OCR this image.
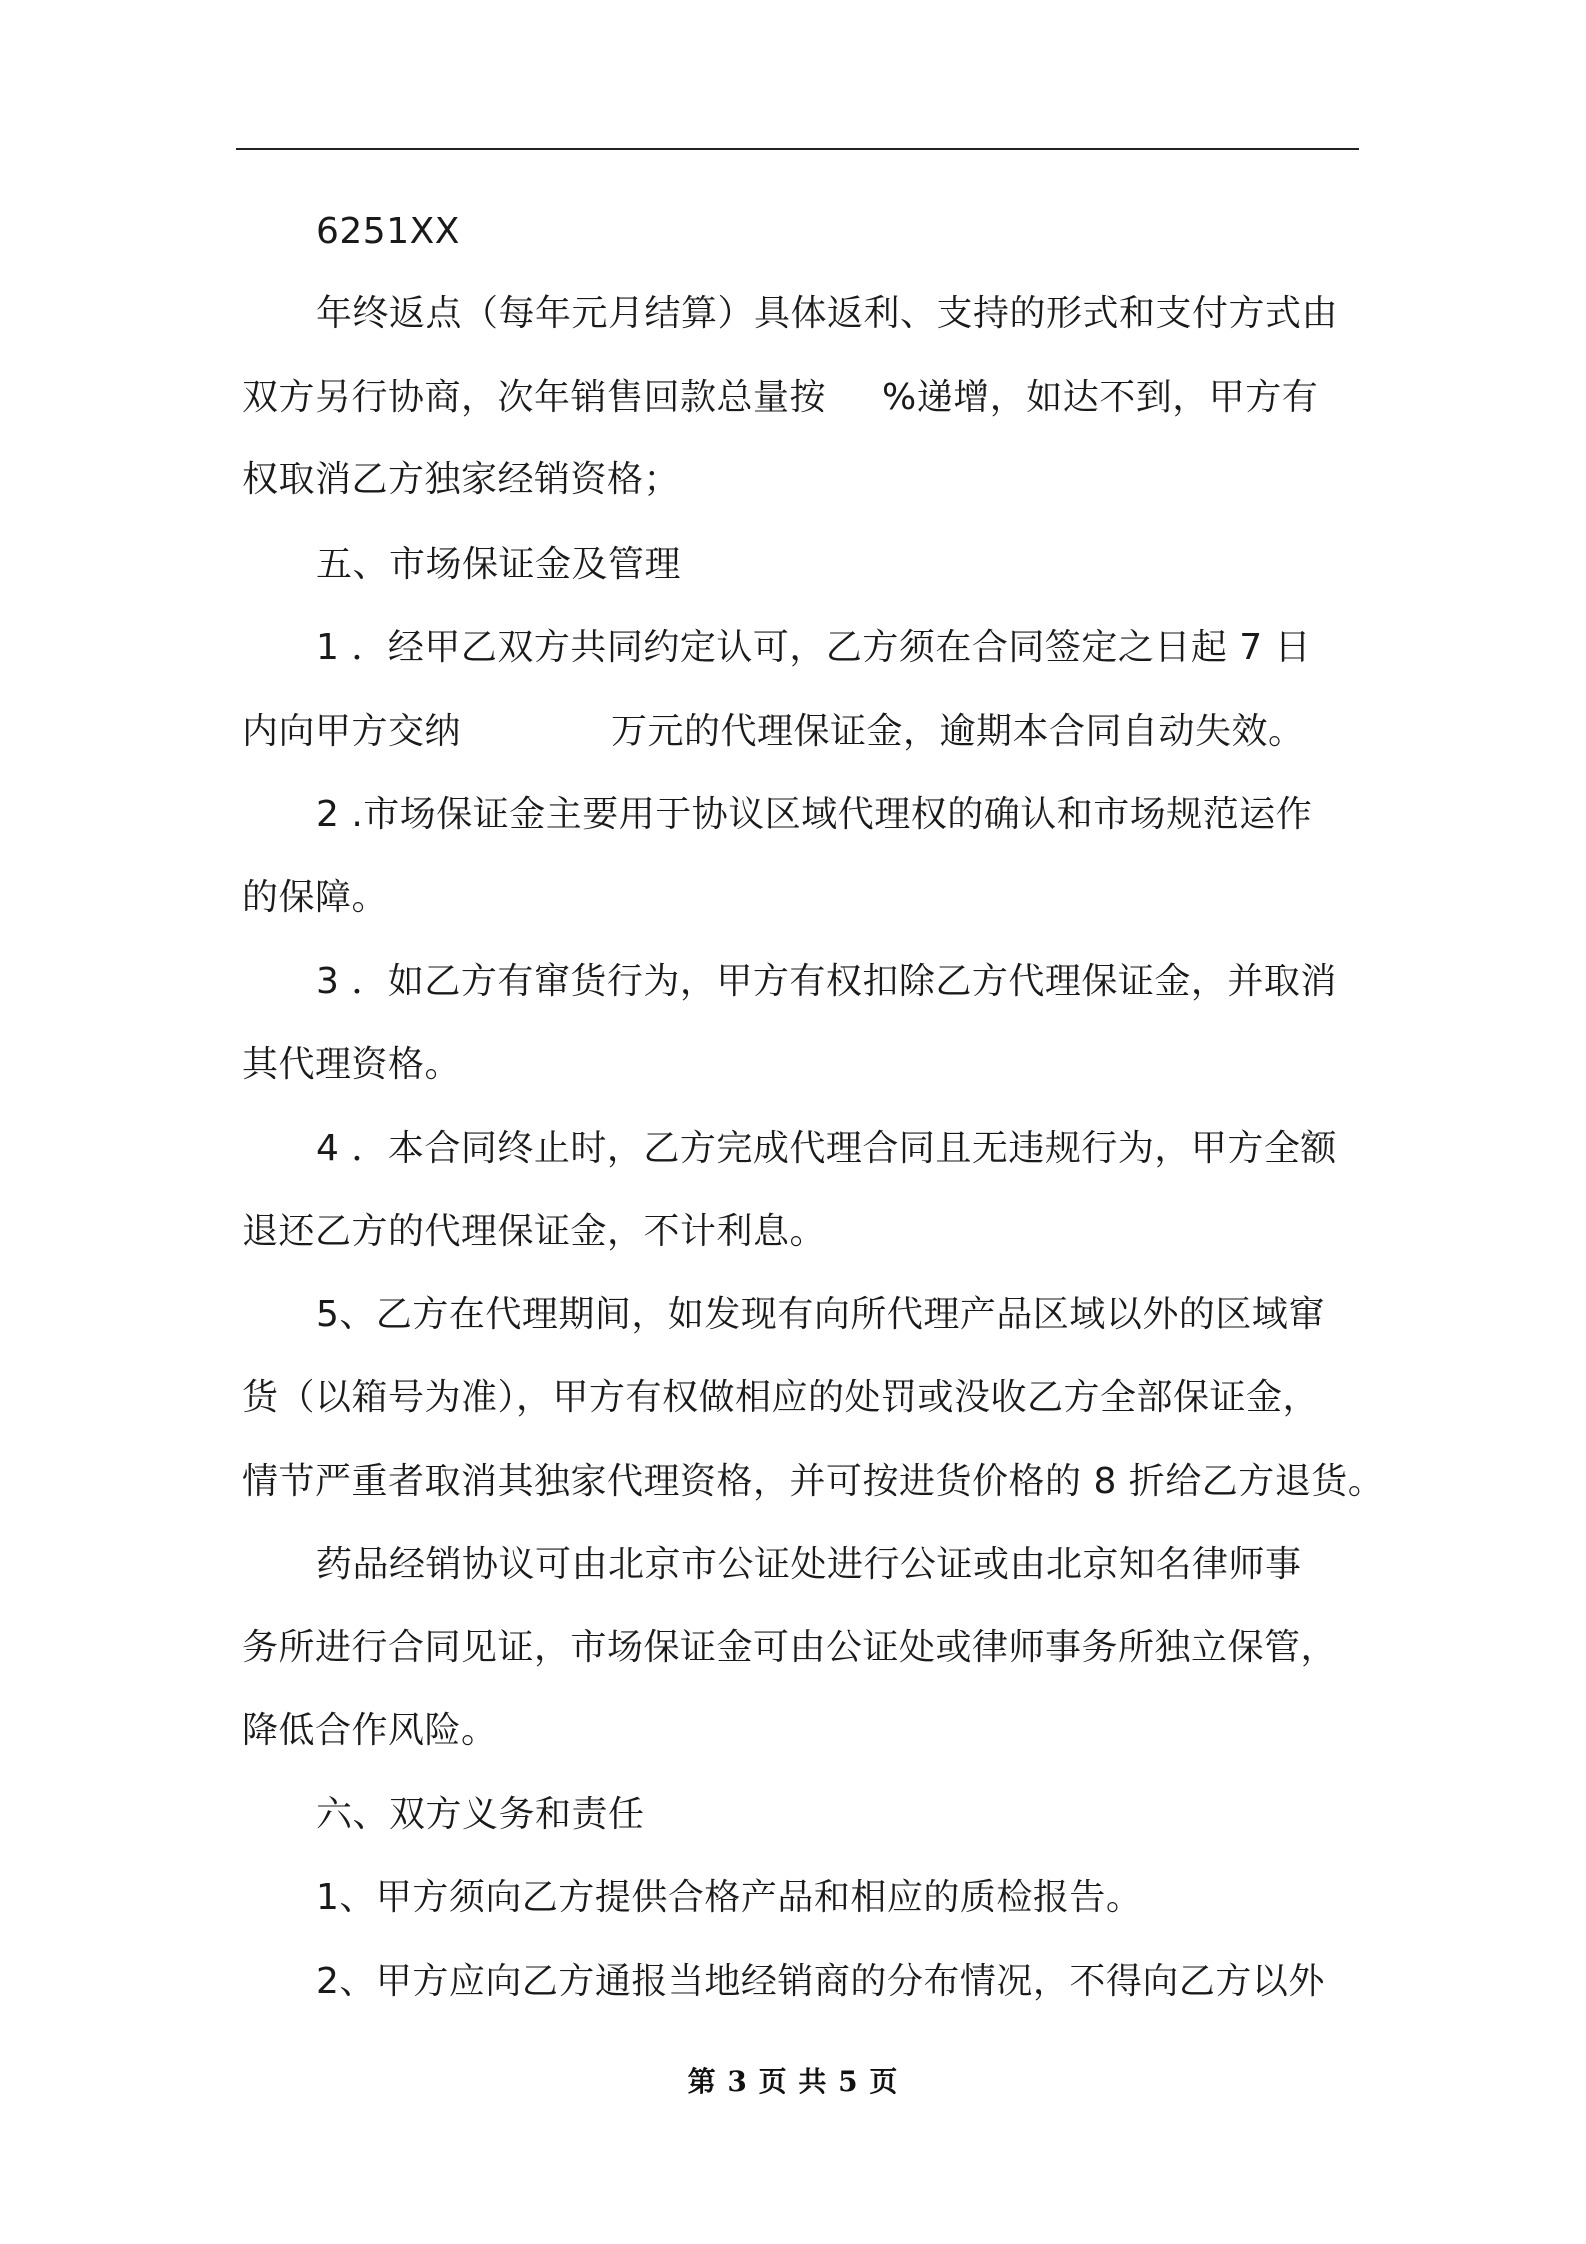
6251XX
年终返点（每年元月结算）具体返利、支持的形式和支付方式由
双方另行协商，次年销售回款总量按 %递增，如达不到，甲方有
权取消乙方独家经销资格；
五、市场保证金及管理
1 ．经甲乙双方共同约定认可，乙方须在合同签定之日起 7 日
内向甲方交纳	万元的代理保证金，逾期本合同自动失效。
2 .市场保证金主要用于协议区域代理权的确认和市场规范运作
的保障。
3 ．如乙方有窜货行为，甲方有权扣除乙方代理保证金，并取消
其代理资格。
4 ．本合同终止时，乙方完成代理合同且无违规行为，甲方全额
退还乙方的代理保证金，不计利息。
5、乙方在代理期间，如发现有向所代理产品区域以外的区域窜
货（以箱号为准），甲方有权做相应的处罚或没收乙方全部保证金，
情节严重者取消其独家代理资格，并可按进货价格的 8 折给乙方退货。
药品经销协议可由北京市公证处进行公证或由北京知名律师事
务所进行合同见证，市场保证金可由公证处或律师事务所独立保管，
降低合作风险。
六、双方义务和责任
1、甲方须向乙方提供合格产品和相应的质检报告。
2、甲方应向乙方通报当地经销商的分布情况，不得向乙方以外
第 3 页 共 5 页
